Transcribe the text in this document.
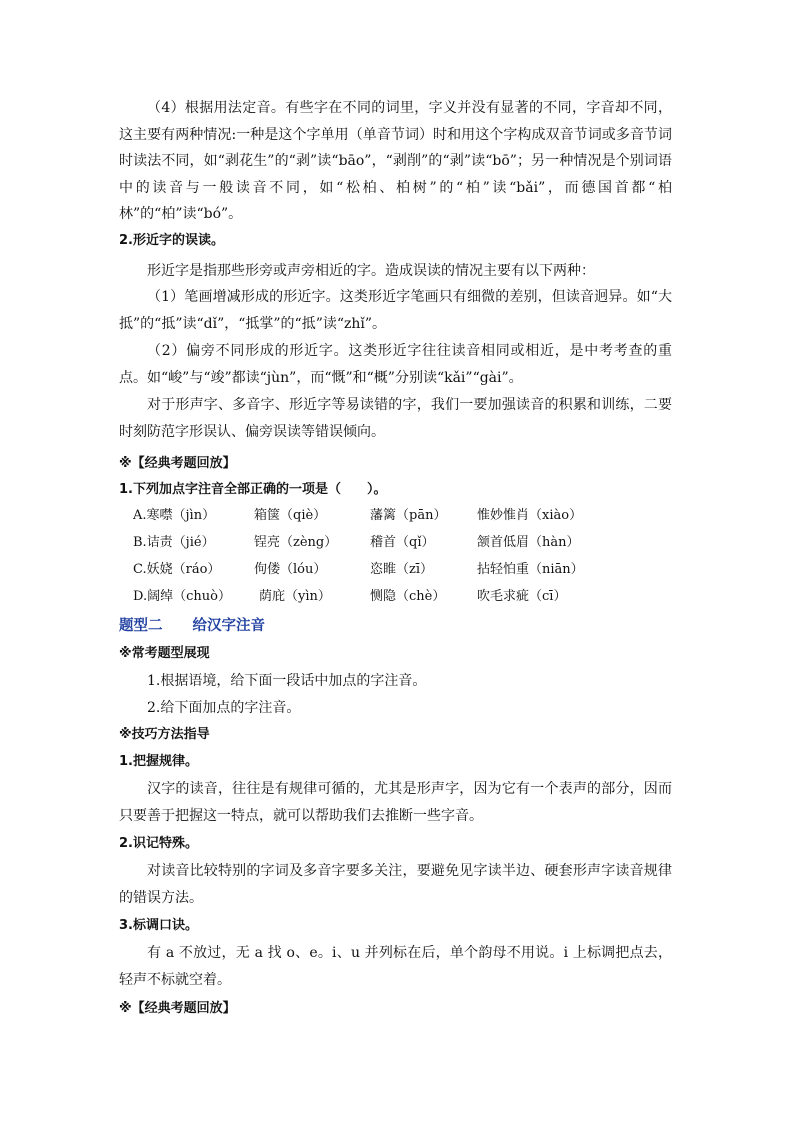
（4）根据用法定音。有些字在不同的词里，字义并没有显著的不同，字音却不同，这主要有两种情况:一种是这个字单用（单音节词）时和用这个字构成双音节词或多音节词时读法不同，如“剥花生”的“剥”读“bāo”，“剥削”的“剥”读“bō”；另一种情况是个别词语中的读音与一般读音不同，如“松柏、柏树”的“柏”读“bǎi”，而德国首都“柏林”的“柏”读“bó”。
2.形近字的误读。
形近字是指那些形旁或声旁相近的字。造成误读的情况主要有以下两种：
（1）笔画增减形成的形近字。这类形近字笔画只有细微的差别，但读音迥异。如“大抵”的“抵”读“dǐ”，“抵掌”的“抵”读“zhǐ”。
（2）偏旁不同形成的形近字。这类形近字往往读音相同或相近，是中考考查的重点。如“峻”与“竣”都读“jùn”，而“慨”和“概”分别读“kǎi”“gài”。
对于形声字、多音字、形近字等易读错的字，我们一要加强读音的积累和训练，二要时刻防范字形误认、偏旁误读等错误倾向。
※【经典考题回放】
1.下列加点字注音全部正确的一项是（　　）。
A.寒噤（jìn）	箱箧（qiè）	藩篱（pān） 惟妙惟肖（xiào）
B.诘责（jié）	锃亮（zèng）	稽首（qǐ）	颔首低眉（hàn）
C.妖娆（ráo）	佝偻（lóu）	恣睢（zī）	拈轻怕重（niān）
D.阔绰（chuò） 荫庇（yìn）	恻隐（chè） 吹毛求疵（cī）
题型二 给汉字注音
※常考题型展现
1.根据语境，给下面一段话中加点的字注音。
2.给下面加点的字注音。
※技巧方法指导
1.把握规律。
汉字的读音，往往是有规律可循的，尤其是形声字，因为它有一个表声的部分，因而只要善于把握这一特点，就可以帮助我们去推断一些字音。
2.识记特殊。
对读音比较特别的字词及多音字要多关注，要避免见字读半边、硬套形声字读音规律的错误方法。
3.标调口诀。
有 a 不放过，无 a 找 o、e。i、u 并列标在后，单个韵母不用说。i 上标调把点去，轻声不标就空着。
※【经典考题回放】
